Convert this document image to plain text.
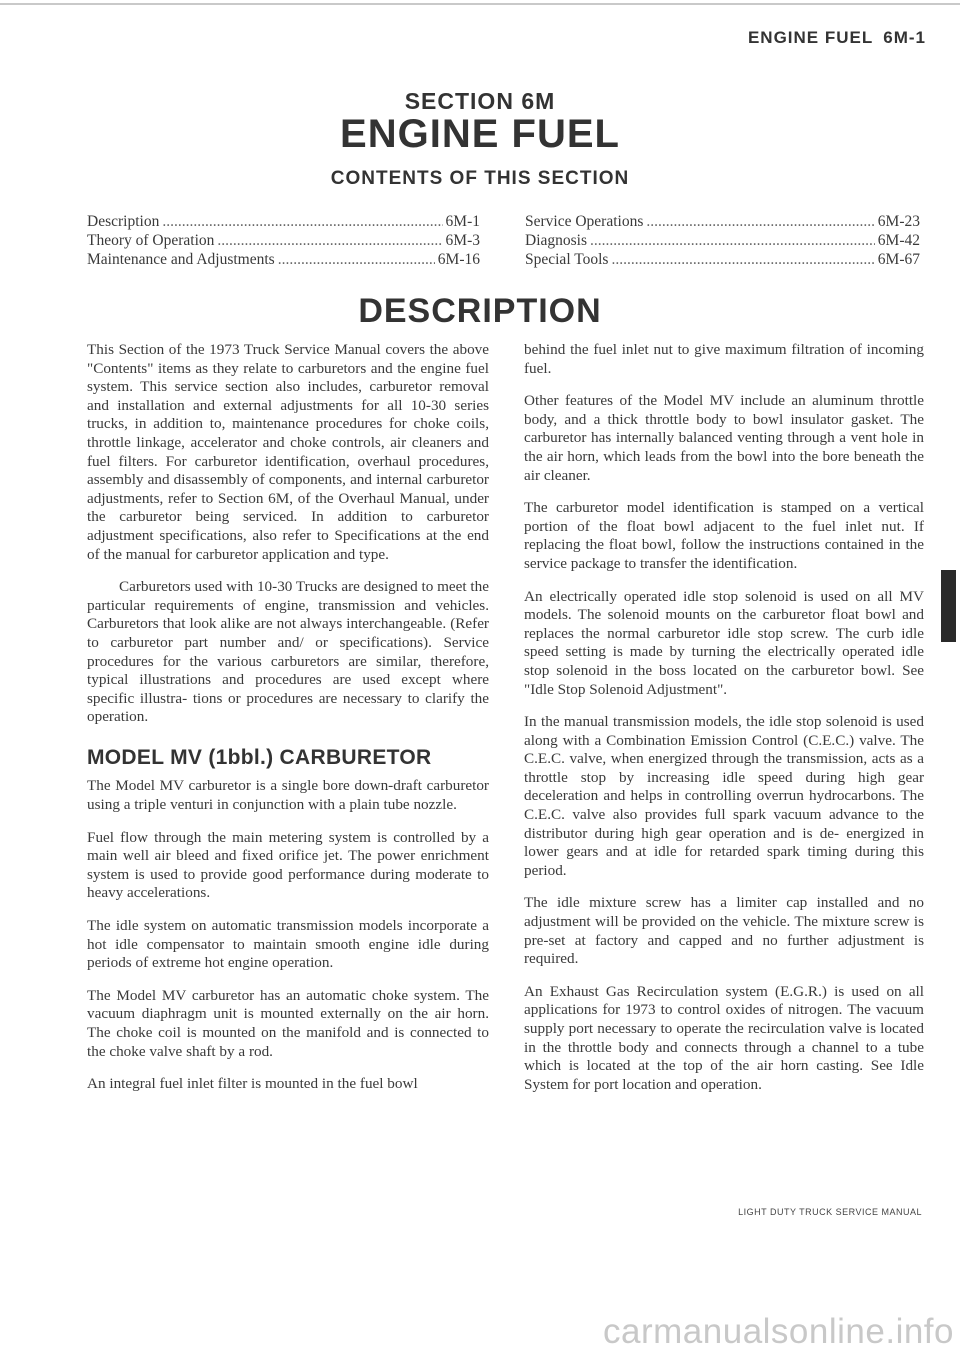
ENGINE FUEL 6M-1
SECTION 6M
ENGINE FUEL
CONTENTS OF THIS SECTION
Description .....	6M-1
Theory of Operation .....	6M-3
Maintenance and Adjustments .....	6M-16
Service Operations .....	6M-23
Diagnosis .....	6M-42
Special Tools .....	6M-67
DESCRIPTION

This Section of the 1973 Truck Service Manual covers the above "Contents" items as they relate to carburetors and the engine fuel system. This service section also includes, carburetor removal and installation and external adjustments for all 10-30 series trucks, in addition to, maintenance procedures for choke coils, throttle linkage, accelerator and choke controls, air cleaners and fuel filters. For carburetor identification, overhaul procedures, assembly and disassembly of components, and internal carburetor adjustments, refer to Section 6M, of the Overhaul Manual, under the carburetor being serviced. In addition to carburetor adjustment specifications, also refer to Specifications at the end of the manual for carburetor application and type.

Carburetors used with 10-30 Trucks are designed to meet the particular requirements of engine, transmission and vehicles. Carburetors that look alike are not always interchangeable. (Refer to carburetor part number and/ or specifications). Service procedures for the various carburetors are similar, therefore, typical illustrations and procedures are used except where specific illustra- tions or procedures are necessary to clarify the operation.

MODEL MV (1bbl.) CARBURETOR

The Model MV carburetor is a single bore down-draft carburetor using a triple venturi in conjunction with a plain tube nozzle.

Fuel flow through the main metering system is controlled by a main well air bleed and fixed orifice jet. The power enrichment system is used to provide good performance during moderate to heavy accelerations.

The idle system on automatic transmission models incorporate a hot idle compensator to maintain smooth engine idle during periods of extreme hot engine operation.

The Model MV carburetor has an automatic choke system. The vacuum diaphragm unit is mounted externally on the air horn. The choke coil is mounted on the manifold and is connected to the choke valve shaft by a rod.

An integral fuel inlet filter is mounted in the fuel bowl

behind the fuel inlet nut to give maximum filtration of incoming fuel.

Other features of the Model MV include an aluminum throttle body, and a thick throttle body to bowl insulator gasket. The carburetor has internally balanced venting through a vent hole in the air horn, which leads from the bowl into the bore beneath the air cleaner.

The carburetor model identification is stamped on a vertical portion of the float bowl adjacent to the fuel inlet nut. If replacing the float bowl, follow the instructions contained in the service package to transfer the identification.

An electrically operated idle stop solenoid is used on all MV models. The solenoid mounts on the carburetor float bowl and replaces the normal carburetor idle stop screw. The curb idle speed setting is made by turning the electrically operated idle stop solenoid in the boss located on the carburetor bowl. See "Idle Stop Solenoid Adjustment".

In the manual transmission models, the idle stop solenoid is used along with a Combination Emission Control (C.E.C.) valve. The C.E.C. valve, when energized through the transmission, acts as a throttle stop by increasing idle speed during high gear deceleration and helps in controlling overrun hydrocarbons. The C.E.C. valve also provides full spark vacuum advance to the distributor during high gear operation and is de- energized in lower gears and at idle for retarded spark timing during this period.

The idle mixture screw has a limiter cap installed and no adjustment will be provided on the vehicle. The mixture screw is pre-set at factory and capped and no further adjustment is required.

An Exhaust Gas Recirculation system (E.G.R.) is used on all applications for 1973 to control oxides of nitrogen. The vacuum supply port necessary to operate the recirculation valve is located in the throttle body and connects through a channel to a tube which is located at the top of the air horn casting. See Idle System for port location and operation.

LIGHT DUTY TRUCK SERVICE MANUAL
carmanualsonline.info
